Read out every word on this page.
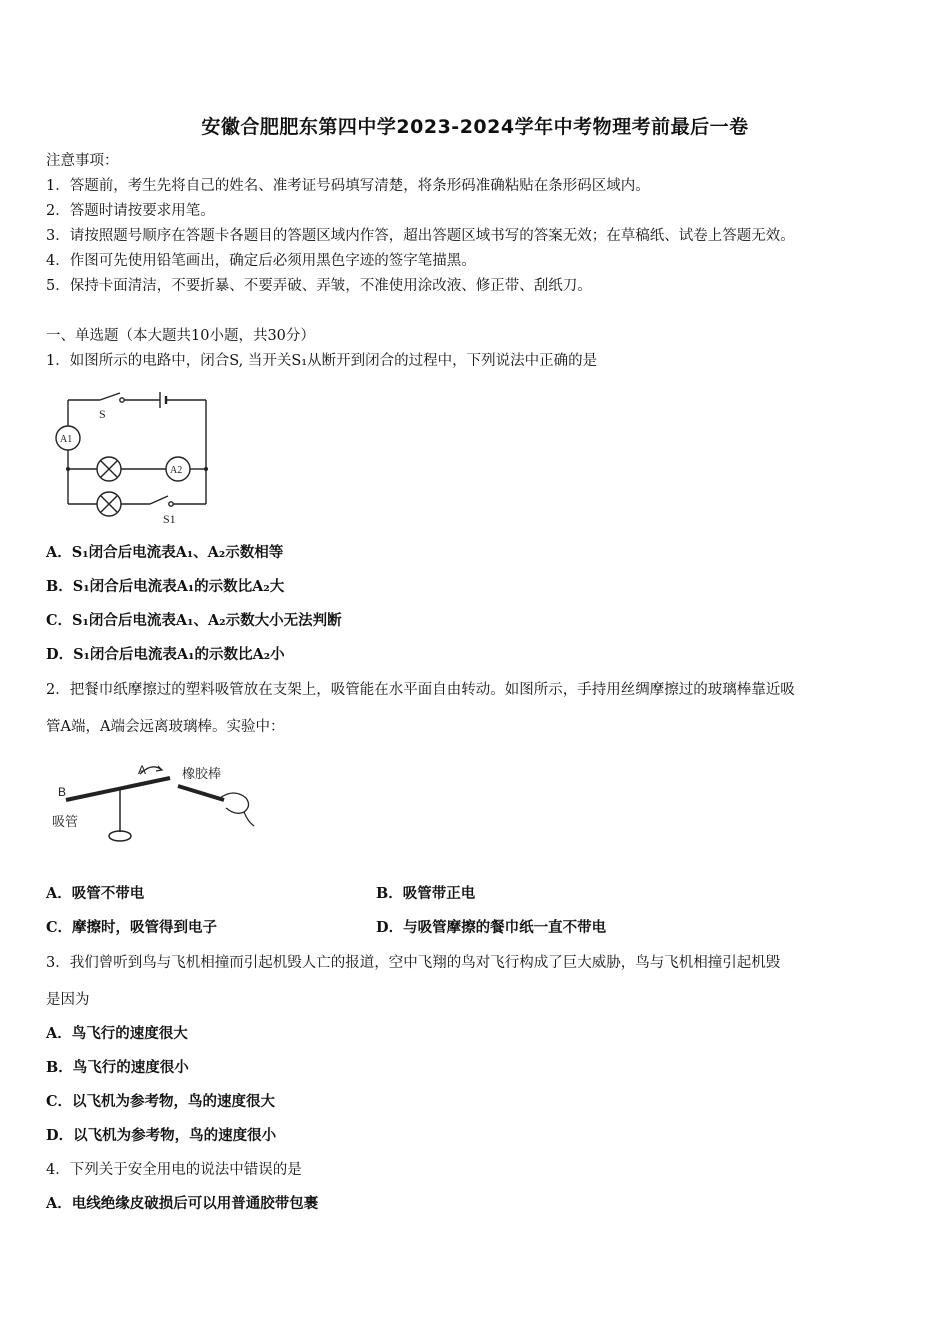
安徽合肥肥东第四中学2023-2024学年中考物理考前最后一卷
注意事项：
1．答题前，考生先将自己的姓名、准考证号码填写清楚，将条形码准确粘贴在条形码区域内。
2．答题时请按要求用笔。
3．请按照题号顺序在答题卡各题目的答题区域内作答，超出答题区域书写的答案无效；在草稿纸、试卷上答题无效。
4．作图可先使用铅笔画出，确定后必须用黑色字迹的签字笔描黑。
5．保持卡面清洁，不要折暴、不要弄破、弄皱，不准使用涂改液、修正带、刮纸刀。
一、单选题（本大题共10小题，共30分）
1．如图所示的电路中，闭合S, 当开关S₁从断开到闭合的过程中，下列说法中正确的是
S
A1
A2
S1
A．S₁闭合后电流表A₁、A₂示数相等
B．S₁闭合后电流表A₁的示数比A₂大
C．S₁闭合后电流表A₁、A₂示数大小无法判断
D．S₁闭合后电流表A₁的示数比A₂小
2．把餐巾纸摩擦过的塑料吸管放在支架上，吸管能在水平面自由转动。如图所示，手持用丝绸摩擦过的玻璃棒靠近吸
管A端，A端会远离玻璃棒。实验中：
B
A
吸管
橡胶棒
A．吸管不带电	B．吸管带正电
C．摩擦时，吸管得到电子	D．与吸管摩擦的餐巾纸一直不带电
3．我们曾听到鸟与飞机相撞而引起机毁人亡的报道，空中飞翔的鸟对飞行构成了巨大威胁，鸟与飞机相撞引起机毁
是因为
A．鸟飞行的速度很大
B．鸟飞行的速度很小
C．以飞机为参考物，鸟的速度很大
D．以飞机为参考物，鸟的速度很小
4．下列关于安全用电的说法中错误的是
A．电线绝缘皮破损后可以用普通胶带包裹
